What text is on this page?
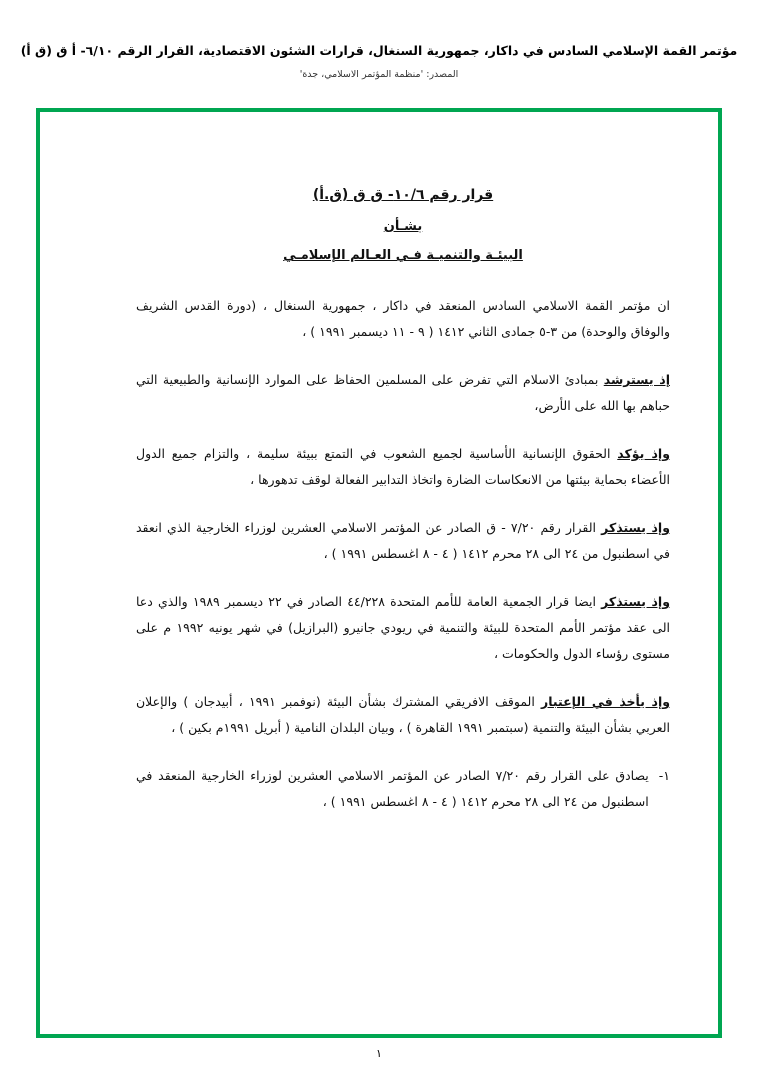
مؤتمر القمة الإسلامي السادس في داكار، جمهورية السنغال، قرارات الشئون الاقتصادية، القرار الرقم ٦/١٠- أ ق (ق أ)
المصدر: 'منظمة المؤتمر الاسلامي، جدة'
قرار رقم ١٠/٦- ق ق (ق.أ)
بشـأن
البيئـة والتنميـة فـي العـالم الإسلامـي

ان مؤتمر القمة الاسلامي السادس المنعقد في داكار ، جمهورية السنغال ، (دورة القدس الشريف والوفاق والوحدة) من ٣-٥ جمادى الثاني ١٤١٢ ( ٩ - ١١ ديسمبر ١٩٩١ ) ،

إذ يسترشد بمبادئ الاسلام التي تفرض على المسلمين الحفاظ على الموارد الإنسانية والطبيعية التي حباهم بها الله على الأرض،

وإذ يؤكد الحقوق الإنسانية الأساسية لجميع الشعوب في التمتع ببيئة سليمة ، والتزام جميع الدول الأعضاء بحماية بيئتها من الانعكاسات الضارة واتخاذ التدابير الفعالة لوقف تدهورها ،

وإذ يستذكر القرار رقم ٧/٢٠ - ق الصادر عن المؤتمر الاسلامي العشرين لوزراء الخارجية الذي انعقد في اسطنبول من ٢٤ الى ٢٨ محرم ١٤١٢ ( ٤ - ٨ اغسطس ١٩٩١ ) ،

وإذ يستذكر ايضا قرار الجمعية العامة للأمم المتحدة ٤٤/٢٢٨ الصادر في ٢٢ ديسمبر ١٩٨٩ والذي دعا الى عقد مؤتمر الأمم المتحدة للبيئة والتنمية في ريودي جانيرو (البرازيل) في شهر يونيه ١٩٩٢ م على مستوى رؤساء الدول والحكومات ،

وإذ يأخذ في الإعتبار الموقف الافريقي المشترك بشأن البيئة (نوفمبر ١٩٩١ ، أبيدجان ) والإعلان العربي بشأن البيئة والتنمية (سبتمبر ١٩٩١ القاهرة ) ، وبيان البلدان النامية ( أبريل ١٩٩١م بكين ) ،

١-
يصادق على القرار رقم ٧/٢٠ الصادر عن المؤتمر الاسلامي العشرين لوزراء الخارجية المنعقد في اسطنبول من ٢٤ الى ٢٨ محرم ١٤١٢ ( ٤ - ٨ اغسطس ١٩٩١ ) ،
١
